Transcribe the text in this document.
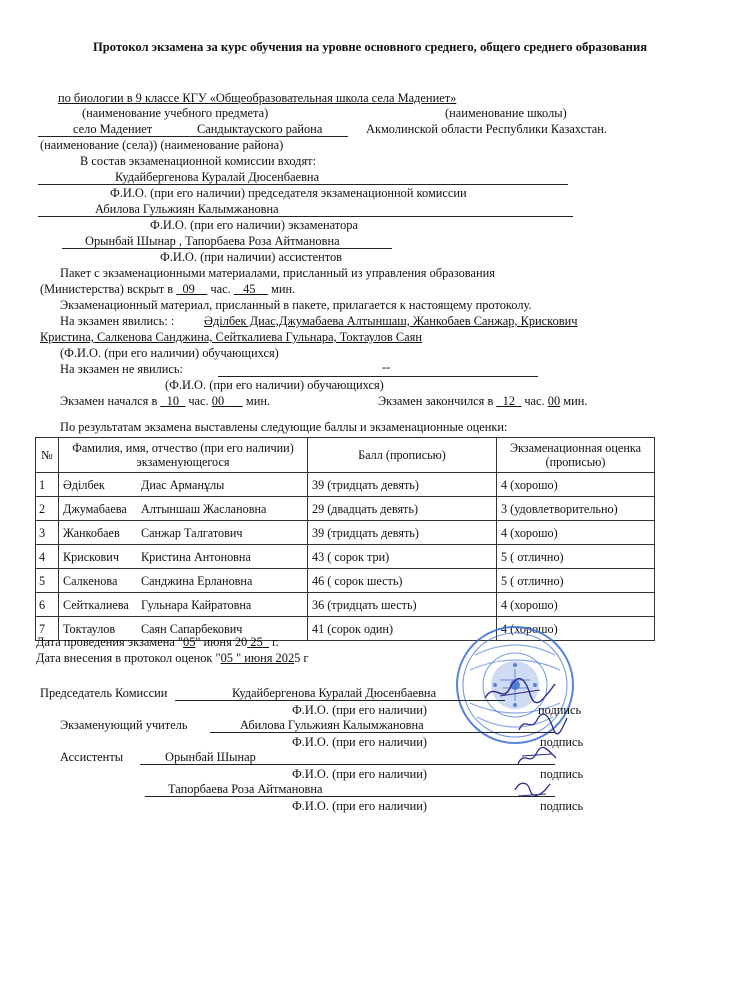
Протокол экзамена за курс обучения на уровне основного среднего, общего среднего образования
по биологии в 9 классе КГУ «Общеобразовательная школа села Мадениет»
(наименование учебного предмета)	(наименование школы)
село Мадениет	Сандыктауского района	Акмолинской области Республики Казахстан.
(наименование (села)) (наименование района)
В состав экзаменационной комиссии входят:
Кудайбергенова Куралай Дюсенбаевна
Ф.И.О. (при его наличии) председателя экзаменационной комиссии
Абилова Гульжиян Калымжановна
Ф.И.О. (при его наличии) экзаменатора
Орынбай Шынар , Тапорбаева Роза Айтмановна
Ф.И.О. (при наличии) ассистентов
Пакет с экзаменационными материалами, присланный из управления образования
(Министерства) вскрыт в 09 час. 45 мин.
Экзаменационный материал, присланный в пакете, прилагается к настоящему протоколу.
На экзамен явились: : Әділбек Диас,Джумабаева Алтыншаш, Жанкобаев Санжар, Крискович
Кристина, Салкенова Санджина, Сейткалиева Гульнара, Токтаулов Саян
(Ф.И.О. (при его наличии) обучающихся)
На экзамен не явились:	--
(Ф.И.О. (при его наличии) обучающихся)
Экзамен начался в 10 час. 00 мин.	Экзамен закончился в 12 час. 00 мин.
По результатам экзамена выставлены следующие баллы и экзаменационные оценки:
№	Фамилия, имя, отчество (при его наличии) экзаменующегося	Балл (прописью)	Экзаменационная оценка (прописью)
1	Әділбек Диас Арманұлы	39 (тридцать девять)	4 (хорошо)
2	Джумабаева Алтыншаш Жаслановна	29 (двадцать девять)	3 (удовлетворительно)
3	Жанкобаев Санжар Талгатович	39 (тридцать девять)	4 (хорошо)
4	Крискович Кристина Антоновна	43 ( сорок три)	5 ( отлично)
5	Салкенова Санджина Ерлановна	46 ( сорок шесть)	5 ( отлично)
6	Сейткалиева Гульнара Кайратовна	36 (тридцать шесть)	4 (хорошо)
7	Токтаулов Саян Сапарбекович	41 (сорок один)	4 (хорошо)
Дата проведения экзамена "05" июня 20 25   г.
Дата внесения в протокол оценок "05 " июня 2025 г
Председатель Комиссии	Кудайбергенова Куралай Дюсенбаевна
Ф.И.О. (при его наличии)	подпись
Экзаменующий учитель	Абилова Гульжиян Калымжановна
Ф.И.О. (при его наличии)	подпись
Ассистенты	Орынбай Шынар
Ф.И.О. (при его наличии)	подпись
Тапорбаева Роза Айтмановна
Ф.И.О. (при его наличии)	подпись
